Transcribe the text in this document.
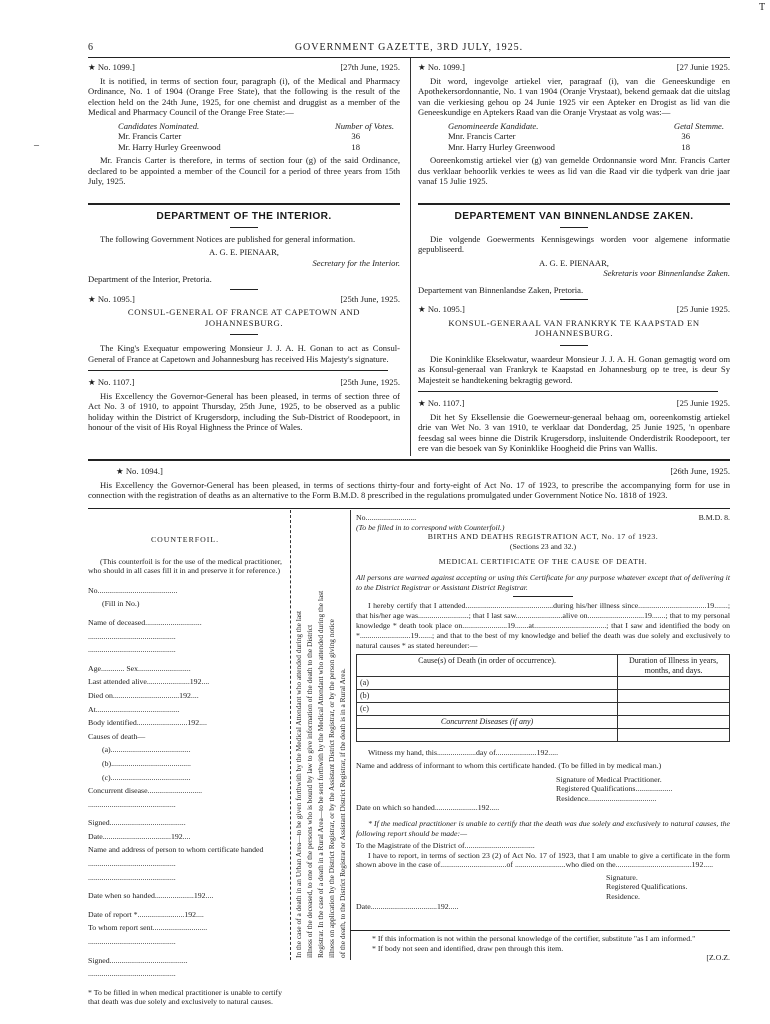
6	GOVERNMENT GAZETTE, 3RD JULY, 1925.
★ No. 1099.]	[27th June, 1925.

It is notified, in terms of section four, paragraph (i), of the Medical and Pharmacy Ordinance, No. 1 of 1904 (Orange Free State), that the following is the result of the election held on the 24th June, 1925, for one chemist and druggist as a member of the Medical and Pharmacy Council of the Orange Free State:—

Candidates Nominated.	Number of Votes.
Mr. Francis Carter	36
Mr. Harry Hurley Greenwood	18

Mr. Francis Carter is therefore, in terms of section four (g) of the said Ordinance, declared to be appointed a member of the Council for a period of three years from 15th July, 1925.

★ No. 1099.]	[27 Junie 1925.

Dit word, ingevolge artiekel vier, paragraaf (i), van die Geneeskundige en Apothekersordonnantie, No. 1 van 1904 (Oranje Vrystaat), bekend gemaak dat die uitslag van die verkiesing gehou op 24 Junie 1925 vir een Apteker en Drogist as lid van die Geneeskundige en Aptekers Raad van die Oranje Vrystaat as volg was:—

Genomineerde Kandidate.	Getal Stemme.
Mnr. Francis Carter	36
Mnr. Harry Hurley Greenwood	18

Ooreenkomstig artiekel vier (g) van gemelde Ordonnansie word Mnr. Francis Carter dus verklaar behoorlik verkies te wees as lid van die Raad vir die tydperk van drie jaar vanaf 15 Julie 1925.

DEPARTMENT OF THE INTERIOR.

The following Government Notices are published for general information.

A. G. E. PIENAAR,
Secretary for the Interior.
Department of the Interior, Pretoria.
★ No. 1095.]	[25th June, 1925.
CONSUL-GENERAL OF FRANCE AT CAPETOWN AND JOHANNESBURG.

The King's Exequatur empowering Monsieur J. J. A. H. Gonan to act as Consul-General of France at Capetown and Johannesburg has received His Majesty's signature.

★ No. 1107.]	[25th June, 1925.

His Excellency the Governor-General has been pleased, in terms of section three of Act No. 3 of 1910, to appoint Thursday, 25th June, 1925, to be observed as a public holiday within the District of Krugersdorp, including the Sub-District of Roodepoort, in honour of the visit of His Royal Highness the Prince of Wales.

DEPARTEMENT VAN BINNENLANDSE ZAKEN.

Die volgende Goewerments Kennisgewings worden voor algemene informatie gepubliseerd.

A. G. E. PIENAAR,
Sekretaris voor Binnenlandse Zaken.
Departement van Binnenlandse Zaken, Pretoria.
★ No. 1095.]	[25 Junie 1925.
KONSUL-GENERAAL VAN FRANKRYK TE KAAPSTAD EN JOHANNESBURG.

Die Koninklike Eksekwatur, waardeur Monsieur J. J. A. H. Gonan gemagtig word om as Konsul-generaal van Frankryk te Kaapstad en Johannesburg op te tree, is deur Sy Majesteit se handtekening bekragtig geword.

★ No. 1107.]	[25 Junie 1925.

Dit het Sy Eksellensie die Goewerneur-generaal behaag om, ooreenkomstig artiekel drie van Wet No. 3 van 1910, te verklaar dat Donderdag, 25 Junie 1925, 'n openbare feesdag sal wees binne die Distrik Krugersdorp, insluitende Onderdistrik Roodepoort, ter ere van die besoek van Sy Koninklike Hoogheid die Prins van Wallis.

★ No. 1094.]	[26th June, 1925.

His Excellency the Governor-General has been pleased, in terms of sections thirty-four and forty-eight of Act No. 17 of 1923, to prescribe the accompanying form for use in connection with the registration of deaths as an alternative to the Form B.M.D. 8 prescribed in the regulations promulgated under Government Notice No. 1818 of 1923.

COUNTERFOIL.

(This counterfoil is for the use of the medical practitioner, who should in all cases fill it in and preserve it for reference.)

No.........................................
(Fill in No.)
Name of deceased.............................
.............................................
.............................................
Age............ Sex...........................
Last attended alive......................192....
Died on..................................192....
At...........................................
Body identified..........................192....
Causes of death—
(a).........................................
(b).........................................
(c).........................................
Concurrent disease............................
.............................................
Signed.......................................
Date...................................192....
Name and address of person to whom certificate handed
.............................................
.............................................
Date when so handed....................192....
Date of report *........................192....
To whom report sent............................
.............................................
Signed........................................
.............................................

* To be filled in when medical practitioner is unable to certify that death was due solely and exclusively to natural causes.

In the case of a death in an Urban Area—to be given forthwith by the Medical Attendant who attended during the last illness of the deceased, to one of the persons who is bound by law to give information of the death to the District Registrar. In the case of a death in a Rural Area—to be sent forthwith by the Medical Attendant who attended during the last illness on application by the District Registrar, or by the Assistant District Registrar, or by the person giving notice of the death, to the District Registrar or Assistant District Registrar, if the death is in a Rural Area.
No..........................	B.M.D. 8.
(To be filled in to correspond with Counterfoil.)
BIRTHS AND DEATHS REGISTRATION ACT, No. 17 of 1923.
(Sections 23 and 32.)
MEDICAL CERTIFICATE OF THE CAUSE OF DEATH.

All persons are warned against accepting or using this Certificate for any purpose whatever except that of delivering it to the District Registrar or Assistant District Registrar.

I hereby certify that I attended.............................................during his/her illness since...................................19.......; that his/her age was..........................; that I last saw........................alive on.............................19.......; that to my personal knowledge * death took place on.......................19.......at.....................................; that I saw and identified the body on *..........................19.......; and that to the best of my knowledge and belief the death was due solely and exclusively to natural causes * as stated hereunder:—

Cause(s) of Death (in order of occurrence).	Duration of Illness in years, months, and days.
(a)	
(b)	
(c)	
Concurrent Diseases (if any)	

Witness my hand, this....................day of.....................192.....

Name and address of informant to whom this certificate handed. (To be filled in by medical man.)

Signature of Medical Practitioner.
Registered Qualifications...................
Residence...................................
Date on which so handed......................192.....

* If the medical practitioner is unable to certify that the death was due solely and exclusively to natural causes, the following report should be made:—

To the Magistrate of the District of....................................

I have to report, in terms of section 23 (2) of Act No. 17 of 1923, that I am unable to give a certificate in the form shown above in the case of..................................of ..........................who died on the.......................................192.....

Signature.
Registered Qualifications.
Residence.
Date..................................192.....
* If this information is not within the personal knowledge of the certifier, substitute "as I am informed."
* If body not seen and identified, draw pen through this item.
[Z.O.Z.
T
–
